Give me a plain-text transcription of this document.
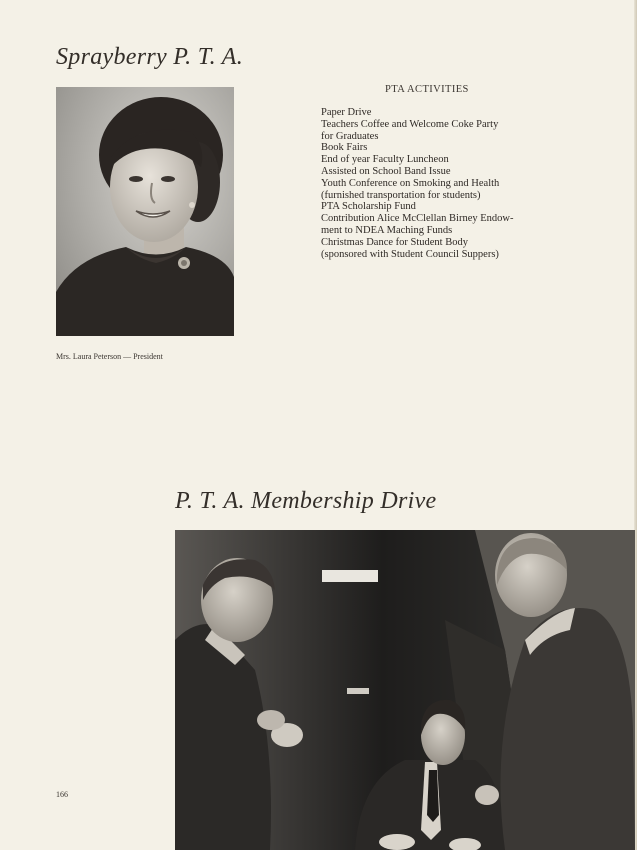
Sprayberry P. T. A.
Mrs. Laura Peterson — President
PTA ACTIVITIES
Paper Drive
Teachers Coffee and Welcome Coke Party
for Graduates
Book Fairs
End of year Faculty Luncheon
Assisted on School Band Issue
Youth Conference on Smoking and Health
(furnished transportation for students)
PTA Scholarship Fund
Contribution Alice McClellan Birney Endow-
ment to NDEA Maching Funds
Christmas Dance for Student Body
(sponsored with Student Council Suppers)
P. T. A. Membership Drive
166
